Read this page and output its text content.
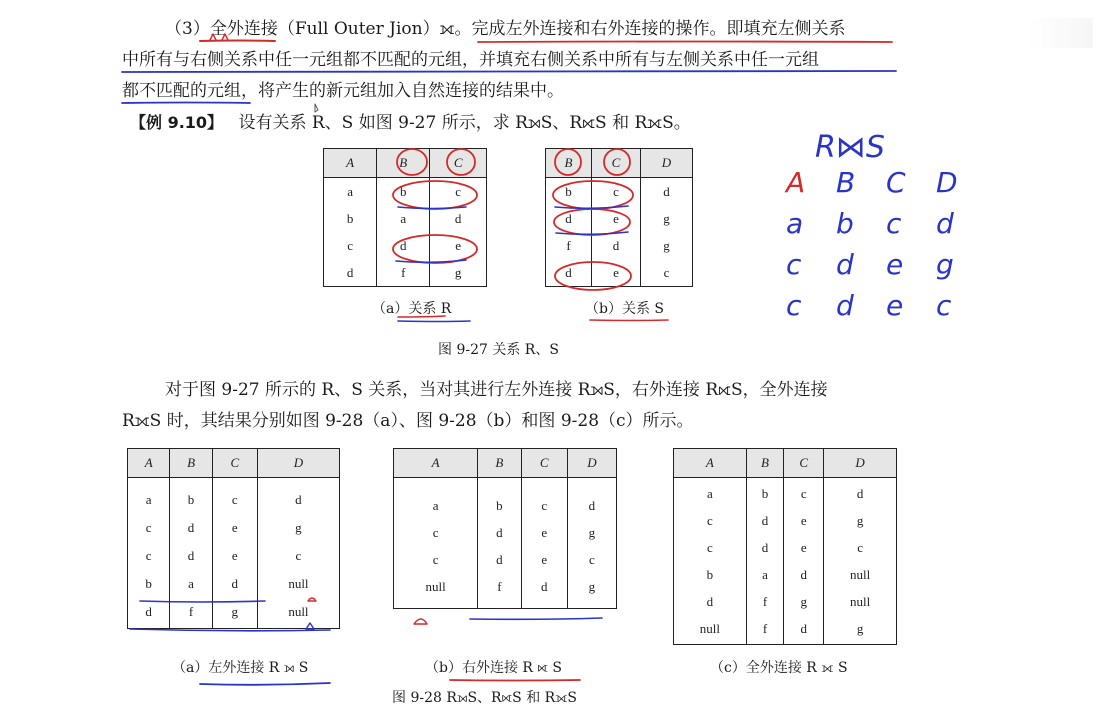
（3）全外连接（Full Outer Jion）⟗。完成左外连接和右外连接的操作。即填充左侧关系
中所有与右侧关系中任一元组都不匹配的元组，并填充右侧关系中所有与左侧关系中任一元组
都不匹配的元组，将产生的新元组加入自然连接的结果中。
【例 9.10】 设有关系 R、S 如图 9-27 所示，求 R⟕S、R⟖S 和 R⟗S。
A	B	C
a	b	c
b	a	d
c	d	e
d	f	g
（a）关系 R
B	C	D
b	c	d
d	e	g
f	d	g
d	e	c
（b）关系 S
图 9-27 关系 R、S
R⋈S
A B C D
a b c d
c d e g
c d e c
对于图 9-27 所示的 R、S 关系，当对其进行左外连接 R⟕S，右外连接 R⟖S，全外连接
R⟗S 时，其结果分别如图 9-28（a）、图 9-28（b）和图 9-28（c）所示。
A	B	C	D
a	b	c	d
c	d	e	g
c	d	e	c
b	a	d	null
d	f	g	null
（a）左外连接 R ⟕ S
A	B	C	D
a	b	c	d
c	d	e	g
c	d	e	c
null	f	d	g
（b）右外连接 R ⟖ S
A	B	C	D
a	b	c	d
c	d	e	g
c	d	e	c
b	a	d	null
d	f	g	null
null	f	d	g
（c）全外连接 R ⟗ S
图 9-28 R⟕S、R⟖S 和 R⟗S
